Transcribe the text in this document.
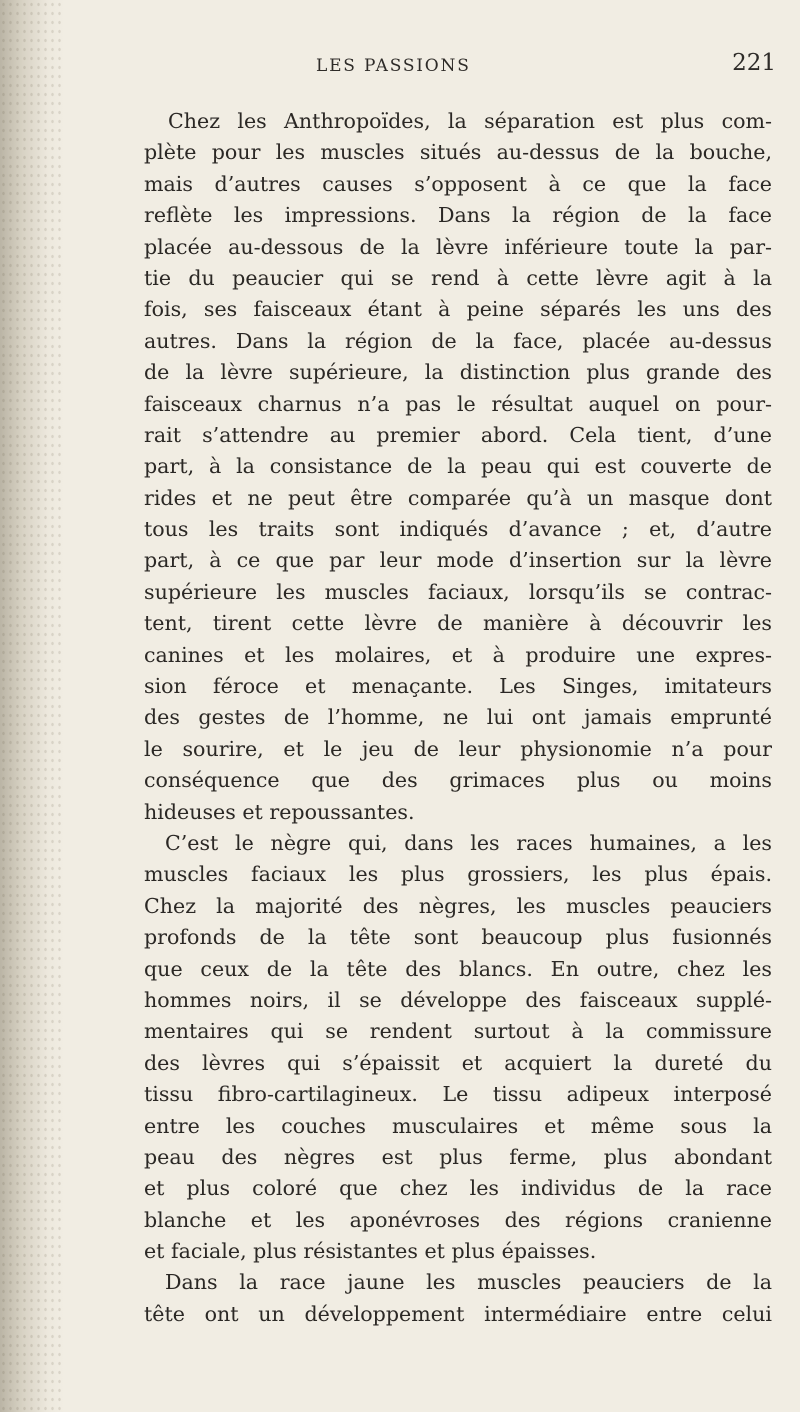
LES PASSIONS	221
Chez les Anthropoïdes, la séparation est plus com-
plète pour les muscles situés au-dessus de la bouche,
mais d’autres causes s’opposent à ce que la face
reflète les impressions. Dans la région de la face
placée au-dessous de la lèvre inférieure toute la par-
tie du peaucier qui se rend à cette lèvre agit à la
fois, ses faisceaux étant à peine séparés les uns des
autres. Dans la région de la face, placée au-dessus
de la lèvre supérieure, la distinction plus grande des
faisceaux charnus n’a pas le résultat auquel on pour-
rait s’attendre au premier abord. Cela tient, d’une
part, à la consistance de la peau qui est couverte de
rides et ne peut être comparée qu’à un masque dont
tous les traits sont indiqués d’avance ; et, d’autre
part, à ce que par leur mode d’insertion sur la lèvre
supérieure les muscles faciaux, lorsqu’ils se contrac-
tent, tirent cette lèvre de manière à découvrir les
canines et les molaires, et à produire une expres-
sion féroce et menaçante. Les Singes, imitateurs
des gestes de l’homme, ne lui ont jamais emprunté
le sourire, et le jeu de leur physionomie n’a pour
conséquence que des grimaces plus ou moins
hideuses et repoussantes.
C’est le nègre qui, dans les races humaines, a les
muscles faciaux les plus grossiers, les plus épais.
Chez la majorité des nègres, les muscles peauciers
profonds de la tête sont beaucoup plus fusionnés
que ceux de la tête des blancs. En outre, chez les
hommes noirs, il se développe des faisceaux supplé-
mentaires qui se rendent surtout à la commissure
des lèvres qui s’épaissit et acquiert la dureté du
tissu fibro-cartilagineux. Le tissu adipeux interposé
entre les couches musculaires et même sous la
peau des nègres est plus ferme, plus abondant
et plus coloré que chez les individus de la race
blanche et les aponévroses des régions cranienne
et faciale, plus résistantes et plus épaisses.
Dans la race jaune les muscles peauciers de la
tête ont un développement intermédiaire entre celui
